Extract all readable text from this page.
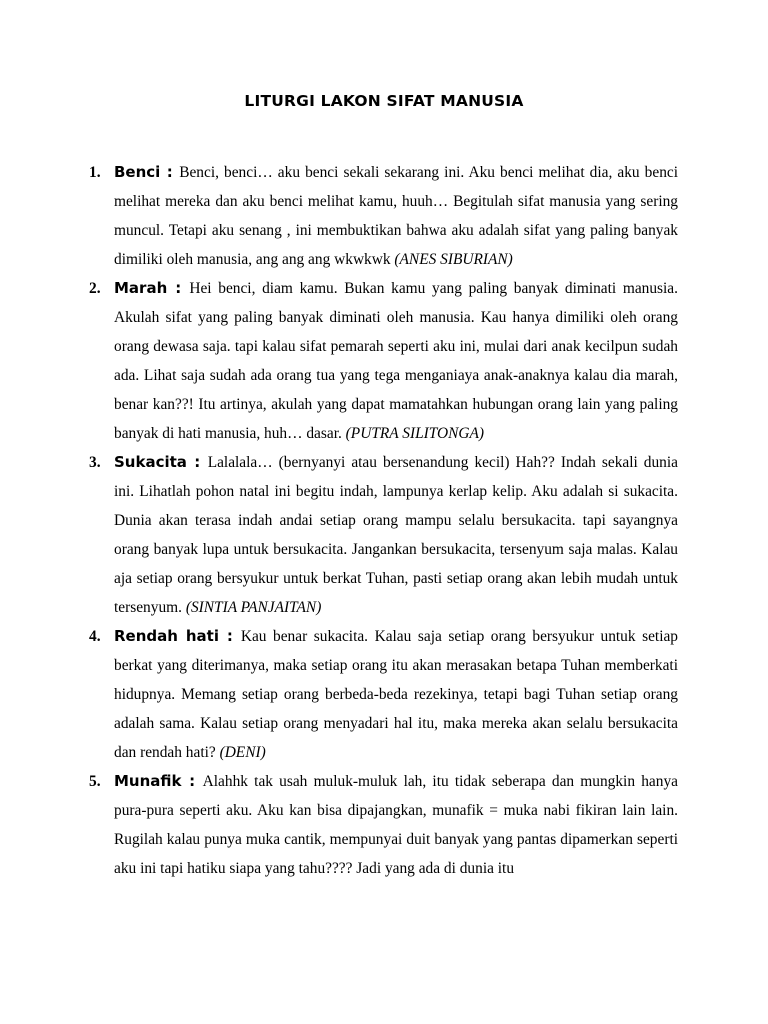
LITURGI LAKON SIFAT MANUSIA
1. Benci : Benci, benci… aku benci sekali sekarang ini. Aku benci melihat dia, aku benci melihat mereka dan aku benci melihat kamu, huuh… Begitulah sifat manusia yang sering muncul. Tetapi aku senang , ini membuktikan bahwa aku adalah sifat yang paling banyak dimiliki oleh manusia, ang ang ang wkwkwk (ANES SIBURIAN)
2. Marah : Hei benci, diam kamu. Bukan kamu yang paling banyak diminati manusia. Akulah sifat yang paling banyak diminati oleh manusia. Kau hanya dimiliki oleh orang orang dewasa saja. tapi kalau sifat pemarah seperti aku ini, mulai dari anak kecilpun sudah ada. Lihat saja sudah ada orang tua yang tega menganiaya anak-anaknya kalau dia marah, benar kan??! Itu artinya, akulah yang dapat mamatahkan hubungan orang lain yang paling banyak di hati manusia, huh… dasar. (PUTRA SILITONGA)
3. Sukacita : Lalalala… (bernyanyi atau bersenandung kecil) Hah?? Indah sekali dunia ini. Lihatlah pohon natal ini begitu indah, lampunya kerlap kelip. Aku adalah si sukacita. Dunia akan terasa indah andai setiap orang mampu selalu bersukacita. tapi sayangnya orang banyak lupa untuk bersukacita. Jangankan bersukacita, tersenyum saja malas. Kalau aja setiap orang bersyukur untuk berkat Tuhan, pasti setiap orang akan lebih mudah untuk tersenyum. (SINTIA PANJAITAN)
4. Rendah hati : Kau benar sukacita. Kalau saja setiap orang bersyukur untuk setiap berkat yang diterimanya, maka setiap orang itu akan merasakan betapa Tuhan memberkati hidupnya. Memang setiap orang berbeda-beda rezekinya, tetapi bagi Tuhan setiap orang adalah sama. Kalau setiap orang menyadari hal itu, maka mereka akan selalu bersukacita dan rendah hati? (DENI)
5. Munafik : Alahhk tak usah muluk-muluk lah, itu tidak seberapa dan mungkin hanya pura-pura seperti aku. Aku kan bisa dipajangkan, munafik = muka nabi fikiran lain lain. Rugilah kalau punya muka cantik, mempunyai duit banyak yang pantas dipamerkan seperti aku ini tapi hatiku siapa yang tahu???? Jadi yang ada di dunia itu
